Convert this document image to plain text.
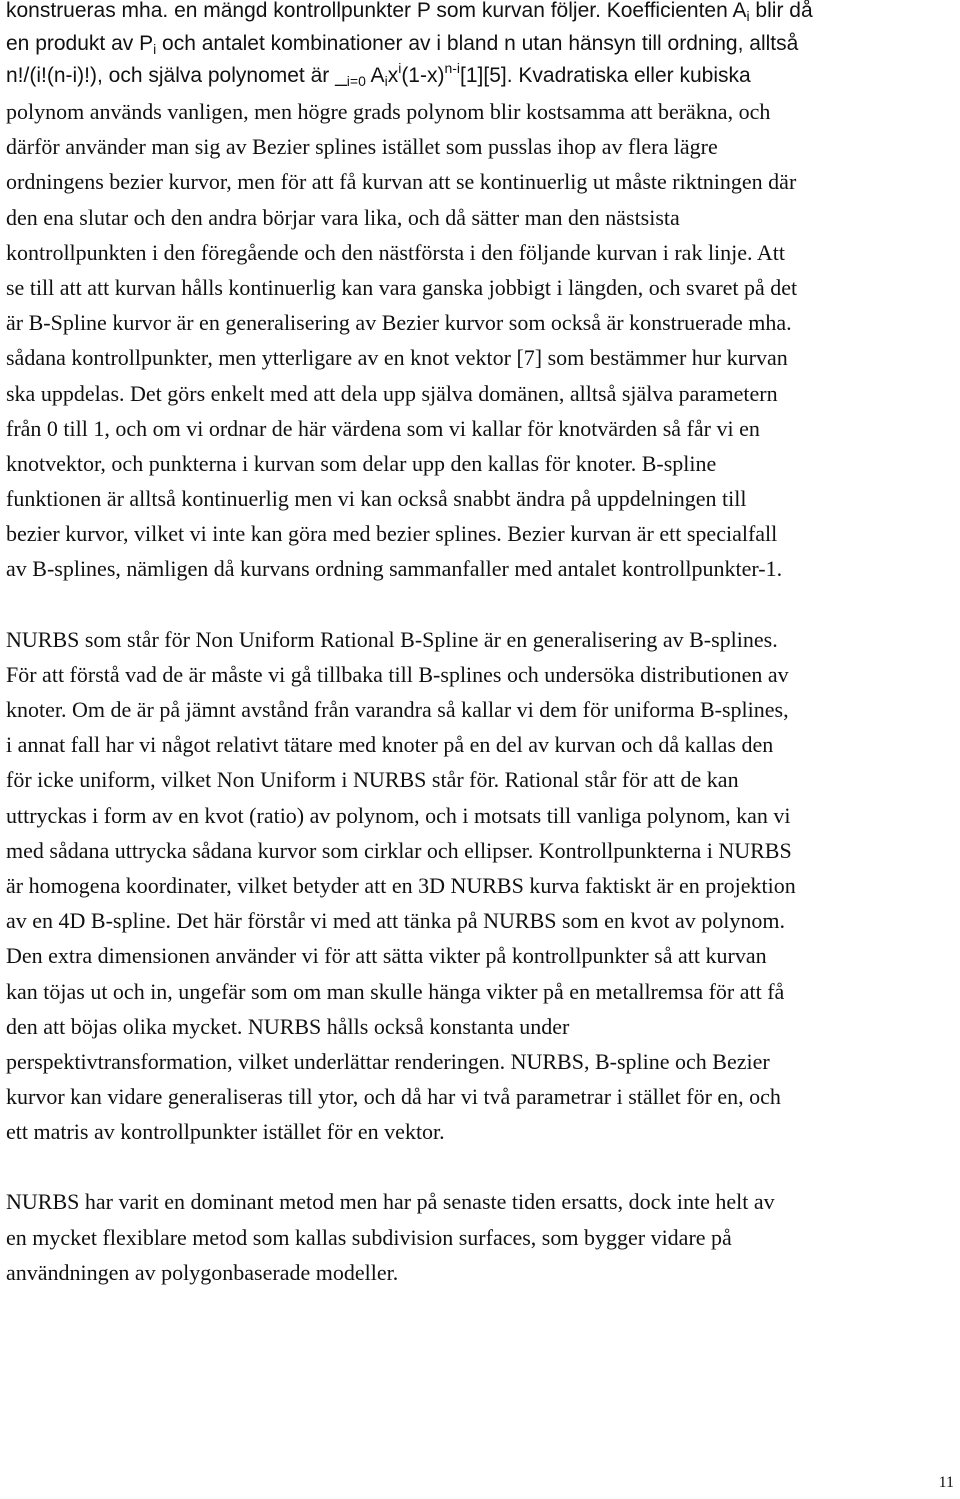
konstrueras mha. en mängd kontrollpunkter P som kurvan följer. Koefficienten $A_i$ blir då
en produkt av $P_i$ och antalet kombinationer av i bland n utan hänsyn till ordning, alltså
n!/(i!(n-i)!), och själva polynomet är $\__{i=0}$ $A_ix^i(1-x)^{n-i}[1][5]$. Kvadratiska eller kubiska
polynom används vanligen, men högre grads polynom blir kostsamma att beräkna, och
därför använder man sig av Bezier splines istället som pusslas ihop av flera lägre
ordningens bezier kurvor, men för att få kurvan att se kontinuerlig ut måste riktningen där
den ena slutar och den andra börjar vara lika, och då sätter man den nästsista
kontrollpunkten i den föregående och den nästförsta i den följande kurvan i rak linje. Att
se till att att kurvan hålls kontinuerlig kan vara ganska jobbigt i längden, och svaret på det
är B-Spline kurvor är en generalisering av Bezier kurvor som också är konstruerade mha.
sådana kontrollpunkter, men ytterligare av en knot vektor [7] som bestämmer hur kurvan
ska uppdelas. Det görs enkelt med att dela upp själva domänen, alltså själva parametern
från 0 till 1, och om vi ordnar de här värdena som vi kallar för knotvärden så får vi en
knotvektor, och punkterna i kurvan som delar upp den kallas för knoter. B-spline
funktionen är alltså kontinuerlig men vi kan också snabbt ändra på uppdelningen till
bezier kurvor, vilket vi inte kan göra med bezier splines. Bezier kurvan är ett specialfall
av B-splines, nämligen då kurvans ordning sammanfaller med antalet kontrollpunkter-1.

NURBS som står för Non Uniform Rational B-Spline är en generalisering av B-splines.
För att förstå vad de är måste vi gå tillbaka till B-splines och undersöka distributionen av
knoter. Om de är på jämnt avstånd från varandra så kallar vi dem för uniforma B-splines,
i annat fall har vi något relativt tätare med knoter på en del av kurvan och då kallas den
för icke uniform, vilket Non Uniform i NURBS står för. Rational står för att de kan
uttryckas i form av en kvot (ratio) av polynom, och i motsats till vanliga polynom, kan vi
med sådana uttrycka sådana kurvor som cirklar och ellipser. Kontrollpunkterna i NURBS
är homogena koordinater, vilket betyder att en 3D NURBS kurva faktiskt är en projektion
av en 4D B-spline. Det här förstår vi med att tänka på NURBS som en kvot av polynom.
Den extra dimensionen använder vi för att sätta vikter på kontrollpunkter så att kurvan
kan töjas ut och in, ungefär som om man skulle hänga vikter på en metallremsa för att få
den att böjas olika mycket. NURBS hålls också konstanta under
perspektivtransformation, vilket underlättar renderingen. NURBS, B-spline och Bezier
kurvor kan vidare generaliseras till ytor, och då har vi två parametrar i stället för en, och
ett matris av kontrollpunkter istället för en vektor.

NURBS har varit en dominant metod men har på senaste tiden ersatts, dock inte helt av
en mycket flexiblare metod som kallas subdivision surfaces, som bygger vidare på
användningen av polygonbaserade modeller.

11
